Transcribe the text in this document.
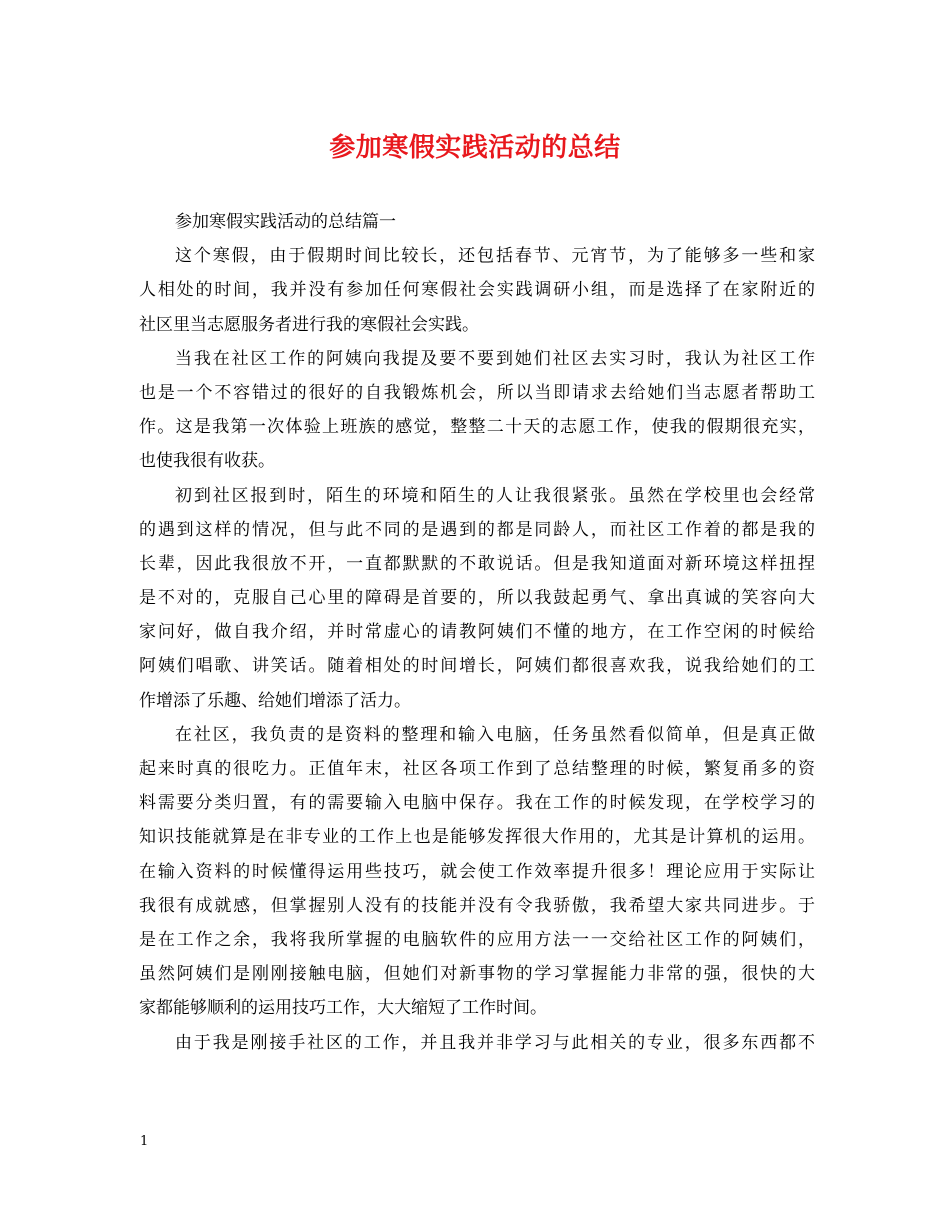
参加寒假实践活动的总结
参加寒假实践活动的总结篇一
这个寒假，由于假期时间比较长，还包括春节、元宵节，为了能够多一些和家
人相处的时间，我并没有参加任何寒假社会实践调研小组，而是选择了在家附近的
社区里当志愿服务者进行我的寒假社会实践。
当我在社区工作的阿姨向我提及要不要到她们社区去实习时，我认为社区工作
也是一个不容错过的很好的自我锻炼机会，所以当即请求去给她们当志愿者帮助工
作。这是我第一次体验上班族的感觉，整整二十天的志愿工作，使我的假期很充实，
也使我很有收获。
初到社区报到时，陌生的环境和陌生的人让我很紧张。虽然在学校里也会经常
的遇到这样的情况，但与此不同的是遇到的都是同龄人，而社区工作着的都是我的
长辈，因此我很放不开，一直都默默的不敢说话。但是我知道面对新环境这样扭捏
是不对的，克服自己心里的障碍是首要的，所以我鼓起勇气、拿出真诚的笑容向大
家问好，做自我介绍，并时常虚心的请教阿姨们不懂的地方，在工作空闲的时候给
阿姨们唱歌、讲笑话。随着相处的时间增长，阿姨们都很喜欢我，说我给她们的工
作增添了乐趣、给她们增添了活力。
在社区，我负责的是资料的整理和输入电脑，任务虽然看似简单，但是真正做
起来时真的很吃力。正值年末，社区各项工作到了总结整理的时候，繁复甬多的资
料需要分类归置，有的需要输入电脑中保存。我在工作的时候发现，在学校学习的
知识技能就算是在非专业的工作上也是能够发挥很大作用的，尤其是计算机的运用。
在输入资料的时候懂得运用些技巧，就会使工作效率提升很多！理论应用于实际让
我很有成就感，但掌握别人没有的技能并没有令我骄傲，我希望大家共同进步。于
是在工作之余，我将我所掌握的电脑软件的应用方法一一交给社区工作的阿姨们，
虽然阿姨们是刚刚接触电脑，但她们对新事物的学习掌握能力非常的强，很快的大
家都能够顺利的运用技巧工作，大大缩短了工作时间。
由于我是刚接手社区的工作，并且我并非学习与此相关的专业，很多东西都不
1
